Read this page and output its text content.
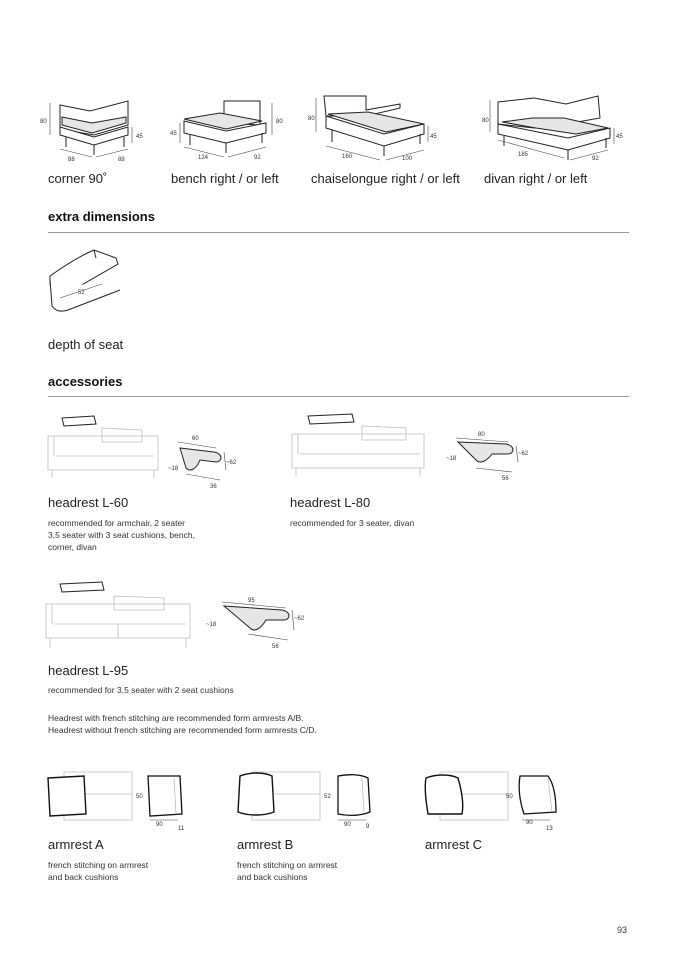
80
45
88	88
45
80
124	92
80
45
160	100
80
45
185
92
corner 90˚	bench right / or left chaiselongue right / or left divan right / or left
extra dimensions
52
depth of seat
accessories
60
~62
~18
36
headrest L-60
recommended for armchair, 2 seater
3,5 seater with 3 seat cushions, bench,
corner, divan
80
~62
~18
56
headrest L-80
recommended for 3 seater, divan
95
~62
~18
56
headrest L-95
recommended for 3,5 seater with 2 seat cushions
Headrest with french stitching are recommended form armrests A/B.
Headrest without french stitching are recommended form armrests C/D.
50
90
11
armrest A
french stitching on armrest
and back cushions
52
90	9
armrest B
french stitching on armrest
and back cushions
50
90
13
armrest C
93
